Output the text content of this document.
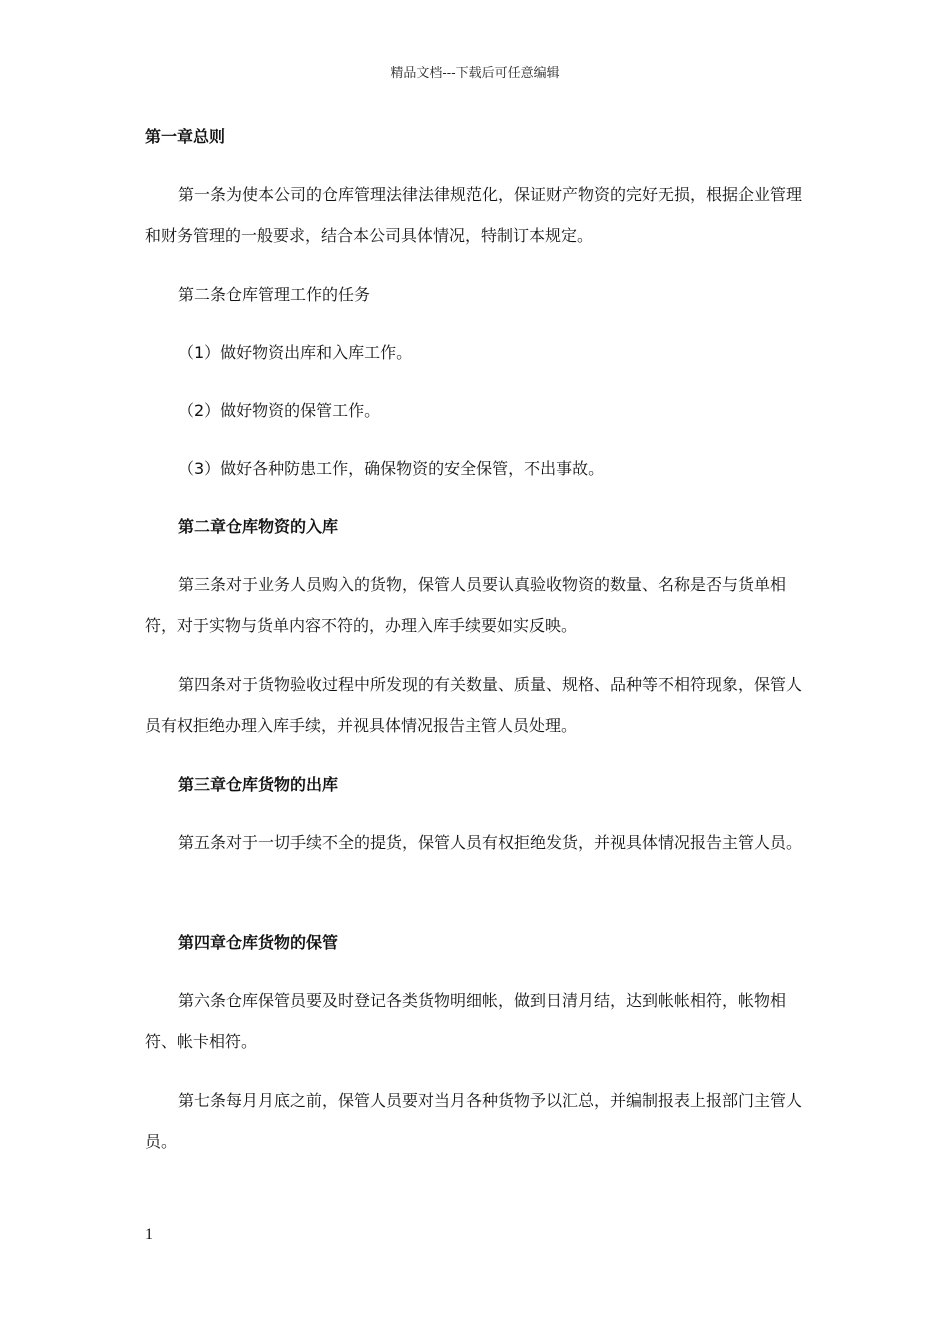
精品文档---下载后可任意编辑
第一章总则
第一条为使本公司的仓库管理法律法律规范化，保证财产物资的完好无损，根据企业管理和财务管理的一般要求，结合本公司具体情况，特制订本规定。
第二条仓库管理工作的任务
（1）做好物资出库和入库工作。
（2）做好物资的保管工作。
（3）做好各种防患工作，确保物资的安全保管，不出事故。
第二章仓库物资的入库
第三条对于业务人员购入的货物，保管人员要认真验收物资的数量、名称是否与货单相符，对于实物与货单内容不符的，办理入库手续要如实反映。
第四条对于货物验收过程中所发现的有关数量、质量、规格、品种等不相符现象，保管人员有权拒绝办理入库手续，并视具体情况报告主管人员处理。
第三章仓库货物的出库
第五条对于一切手续不全的提货，保管人员有权拒绝发货，并视具体情况报告主管人员。
第四章仓库货物的保管
第六条仓库保管员要及时登记各类货物明细帐，做到日清月结，达到帐帐相符，帐物相符、帐卡相符。
第七条每月月底之前，保管人员要对当月各种货物予以汇总，并编制报表上报部门主管人员。
1
